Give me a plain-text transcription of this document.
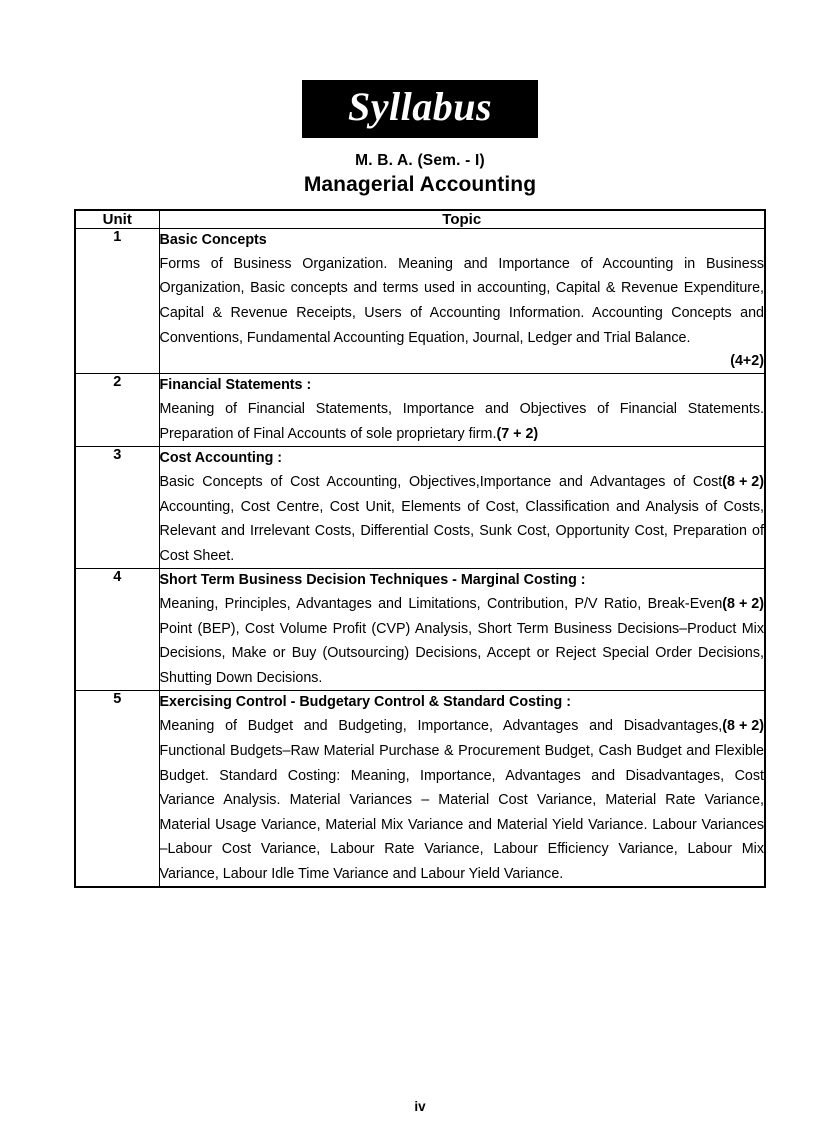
Syllabus
M. B. A. (Sem. - I)
Managerial Accounting
Unit	Topic
1	Basic Concepts
Forms of Business Organization. Meaning and Importance of Accounting in Business Organization, Basic concepts and terms used in accounting, Capital & Revenue Expenditure, Capital & Revenue Receipts, Users of Accounting Information. Accounting Concepts and Conventions, Fundamental Accounting Equation, Journal, Ledger and Trial Balance.
(4+2)

2	Financial Statements :
Meaning of Financial Statements, Importance and Objectives of Financial Statements. Preparation of Final Accounts of sole proprietary firm.(7 + 2)

3	Cost Accounting :
(8 + 2)
Basic Concepts of Cost Accounting, Objectives,Importance and Advantages of Cost Accounting, Cost Centre, Cost Unit, Elements of Cost, Classification and Analysis of Costs, Relevant and Irrelevant Costs, Differential Costs, Sunk Cost, Opportunity Cost, Preparation of Cost Sheet.

4	Short Term Business Decision Techniques - Marginal Costing :
(8 + 2)
Meaning, Principles, Advantages and Limitations, Contribution, P/V Ratio, Break-Even Point (BEP), Cost Volume Profit (CVP) Analysis, Short Term Business Decisions–Product Mix Decisions, Make or Buy (Outsourcing) Decisions, Accept or Reject Special Order Decisions, Shutting Down Decisions.

5	Exercising Control - Budgetary Control & Standard Costing :
(8 + 2)
Meaning of Budget and Budgeting, Importance, Advantages and Disadvantages, Functional Budgets–Raw Material Purchase & Procurement Budget, Cash Budget and Flexible Budget. Standard Costing: Meaning, Importance, Advantages and Disadvantages, Cost Variance Analysis. Material Variances – Material Cost Variance, Material Rate Variance, Material Usage Variance, Material Mix Variance and Material Yield Variance. Labour Variances –Labour Cost Variance, Labour Rate Variance, Labour Efficiency Variance, Labour Mix Variance, Labour Idle Time Variance and Labour Yield Variance.
iv
